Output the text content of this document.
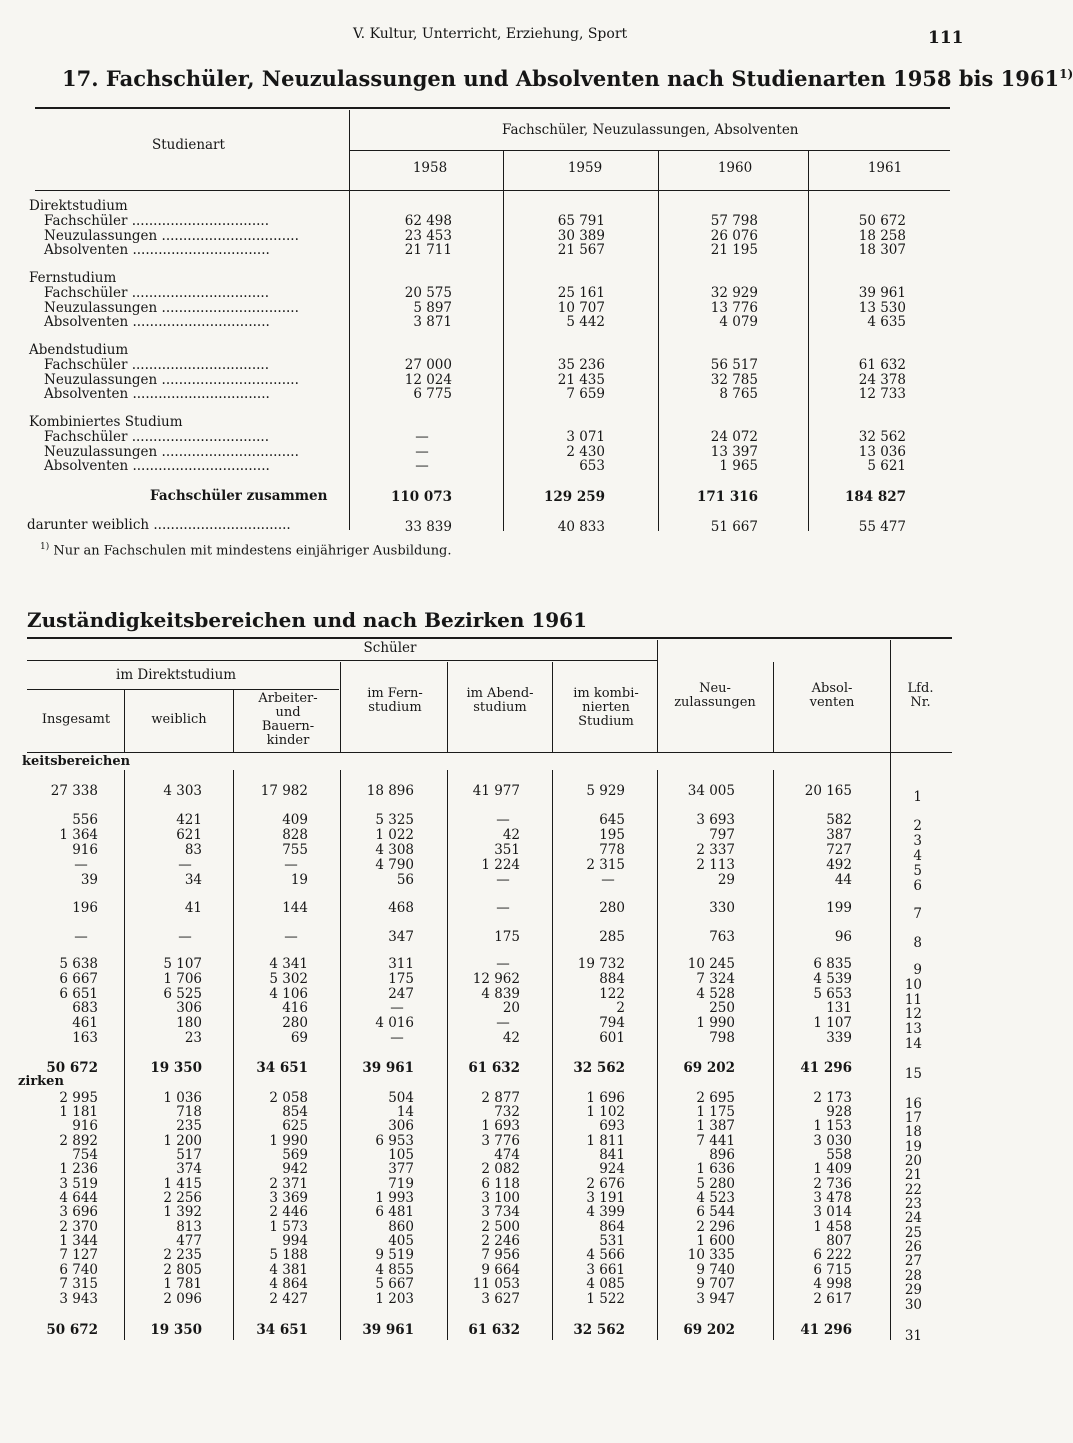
V. Kultur, Unterricht, Erziehung, Sport	111
17. Fachschüler, Neuzulassungen und Absolventen nach Studienarten 1958 bis 1961$^{1)}$
Studienart
Fachschüler, Neuzulassungen, Absolventen
1958	1959	1960	1961
Direktstudium
Fachschüler ................................	62 498	65 791	57 798	50 672
Neuzulassungen ................................	23 453	30 389	26 076	18 258
Absolventen ................................	21 711	21 567	21 195	18 307
Fernstudium
Fachschüler ................................	20 575	25 161	32 929	39 961
Neuzulassungen ................................	5 897	10 707	13 776	13 530
Absolventen ................................	3 871	5 442	4 079	4 635
Abendstudium
Fachschüler ................................	27 000	35 236	56 517	61 632
Neuzulassungen ................................	12 024	21 435	32 785	24 378
Absolventen ................................	6 775	7 659	8 765	12 733
Kombiniertes Studium
Fachschüler ................................	—	3 071	24 072	32 562
Neuzulassungen ................................	—	2 430	13 397	13 036
Absolventen ................................	—	653	1 965	5 621
Fachschüler zusammen	110 073	129 259	171 316	184 827
darunter weiblich ................................	33 839	40 833	51 667	55 477
$^{1)}$ Nur an Fachschulen mit mindestens einjähriger Ausbildung.
Zuständigkeitsbereichen und nach Bezirken 1961
Schüler
im Direktstudium
Insgesamt	weiblich
Arbeiter- und Bauern- kinder
im Fern- studium
im Abend- studium
im kombi- nierten Studium
Neu- zulassungen
Absol- venten
Lfd. Nr.
keitsbereichen
zirken
27 338	4 303	17 982	18 896	41 977	5 929	34 005	20 165	1
556	421	409	5 325	—	645	3 693	582	2
1 364	621	828	1 022	42	195	797	387	3
916	83	755	4 308	351	778	2 337	727	4
—	—	—	4 790	1 224	2 315	2 113	492	5
39	34	19	56	—	—	29	44	6
196	41	144	468	—	280	330	199	7
—	—	—	347	175	285	763	96	8
5 638	5 107	4 341	311	—	19 732	10 245	6 835	9
6 667	1 706	5 302	175	12 962	884	7 324	4 539	10
6 651	6 525	4 106	247	4 839	122	4 528	5 653	11
683	306	416	—	20	2	250	131	12
461	180	280	4 016	—	794	1 990	1 107	13
163	23	69	—	42	601	798	339	14
50 672	19 350	34 651	39 961	61 632	32 562	69 202	41 296	15
2 995	1 036	2 058	504	2 877	1 696	2 695	2 173	16
1 181	718	854	14	732	1 102	1 175	928	17
916	235	625	306	1 693	693	1 387	1 153	18
2 892	1 200	1 990	6 953	3 776	1 811	7 441	3 030	19
754	517	569	105	474	841	896	558	20
1 236	374	942	377	2 082	924	1 636	1 409	21
3 519	1 415	2 371	719	6 118	2 676	5 280	2 736	22
4 644	2 256	3 369	1 993	3 100	3 191	4 523	3 478	23
3 696	1 392	2 446	6 481	3 734	4 399	6 544	3 014	24
2 370	813	1 573	860	2 500	864	2 296	1 458	25
1 344	477	994	405	2 246	531	1 600	807	26
7 127	2 235	5 188	9 519	7 956	4 566	10 335	6 222	27
6 740	2 805	4 381	4 855	9 664	3 661	9 740	6 715	28
7 315	1 781	4 864	5 667	11 053	4 085	9 707	4 998	29
3 943	2 096	2 427	1 203	3 627	1 522	3 947	2 617	30
50 672	19 350	34 651	39 961	61 632	32 562	69 202	41 296	31
